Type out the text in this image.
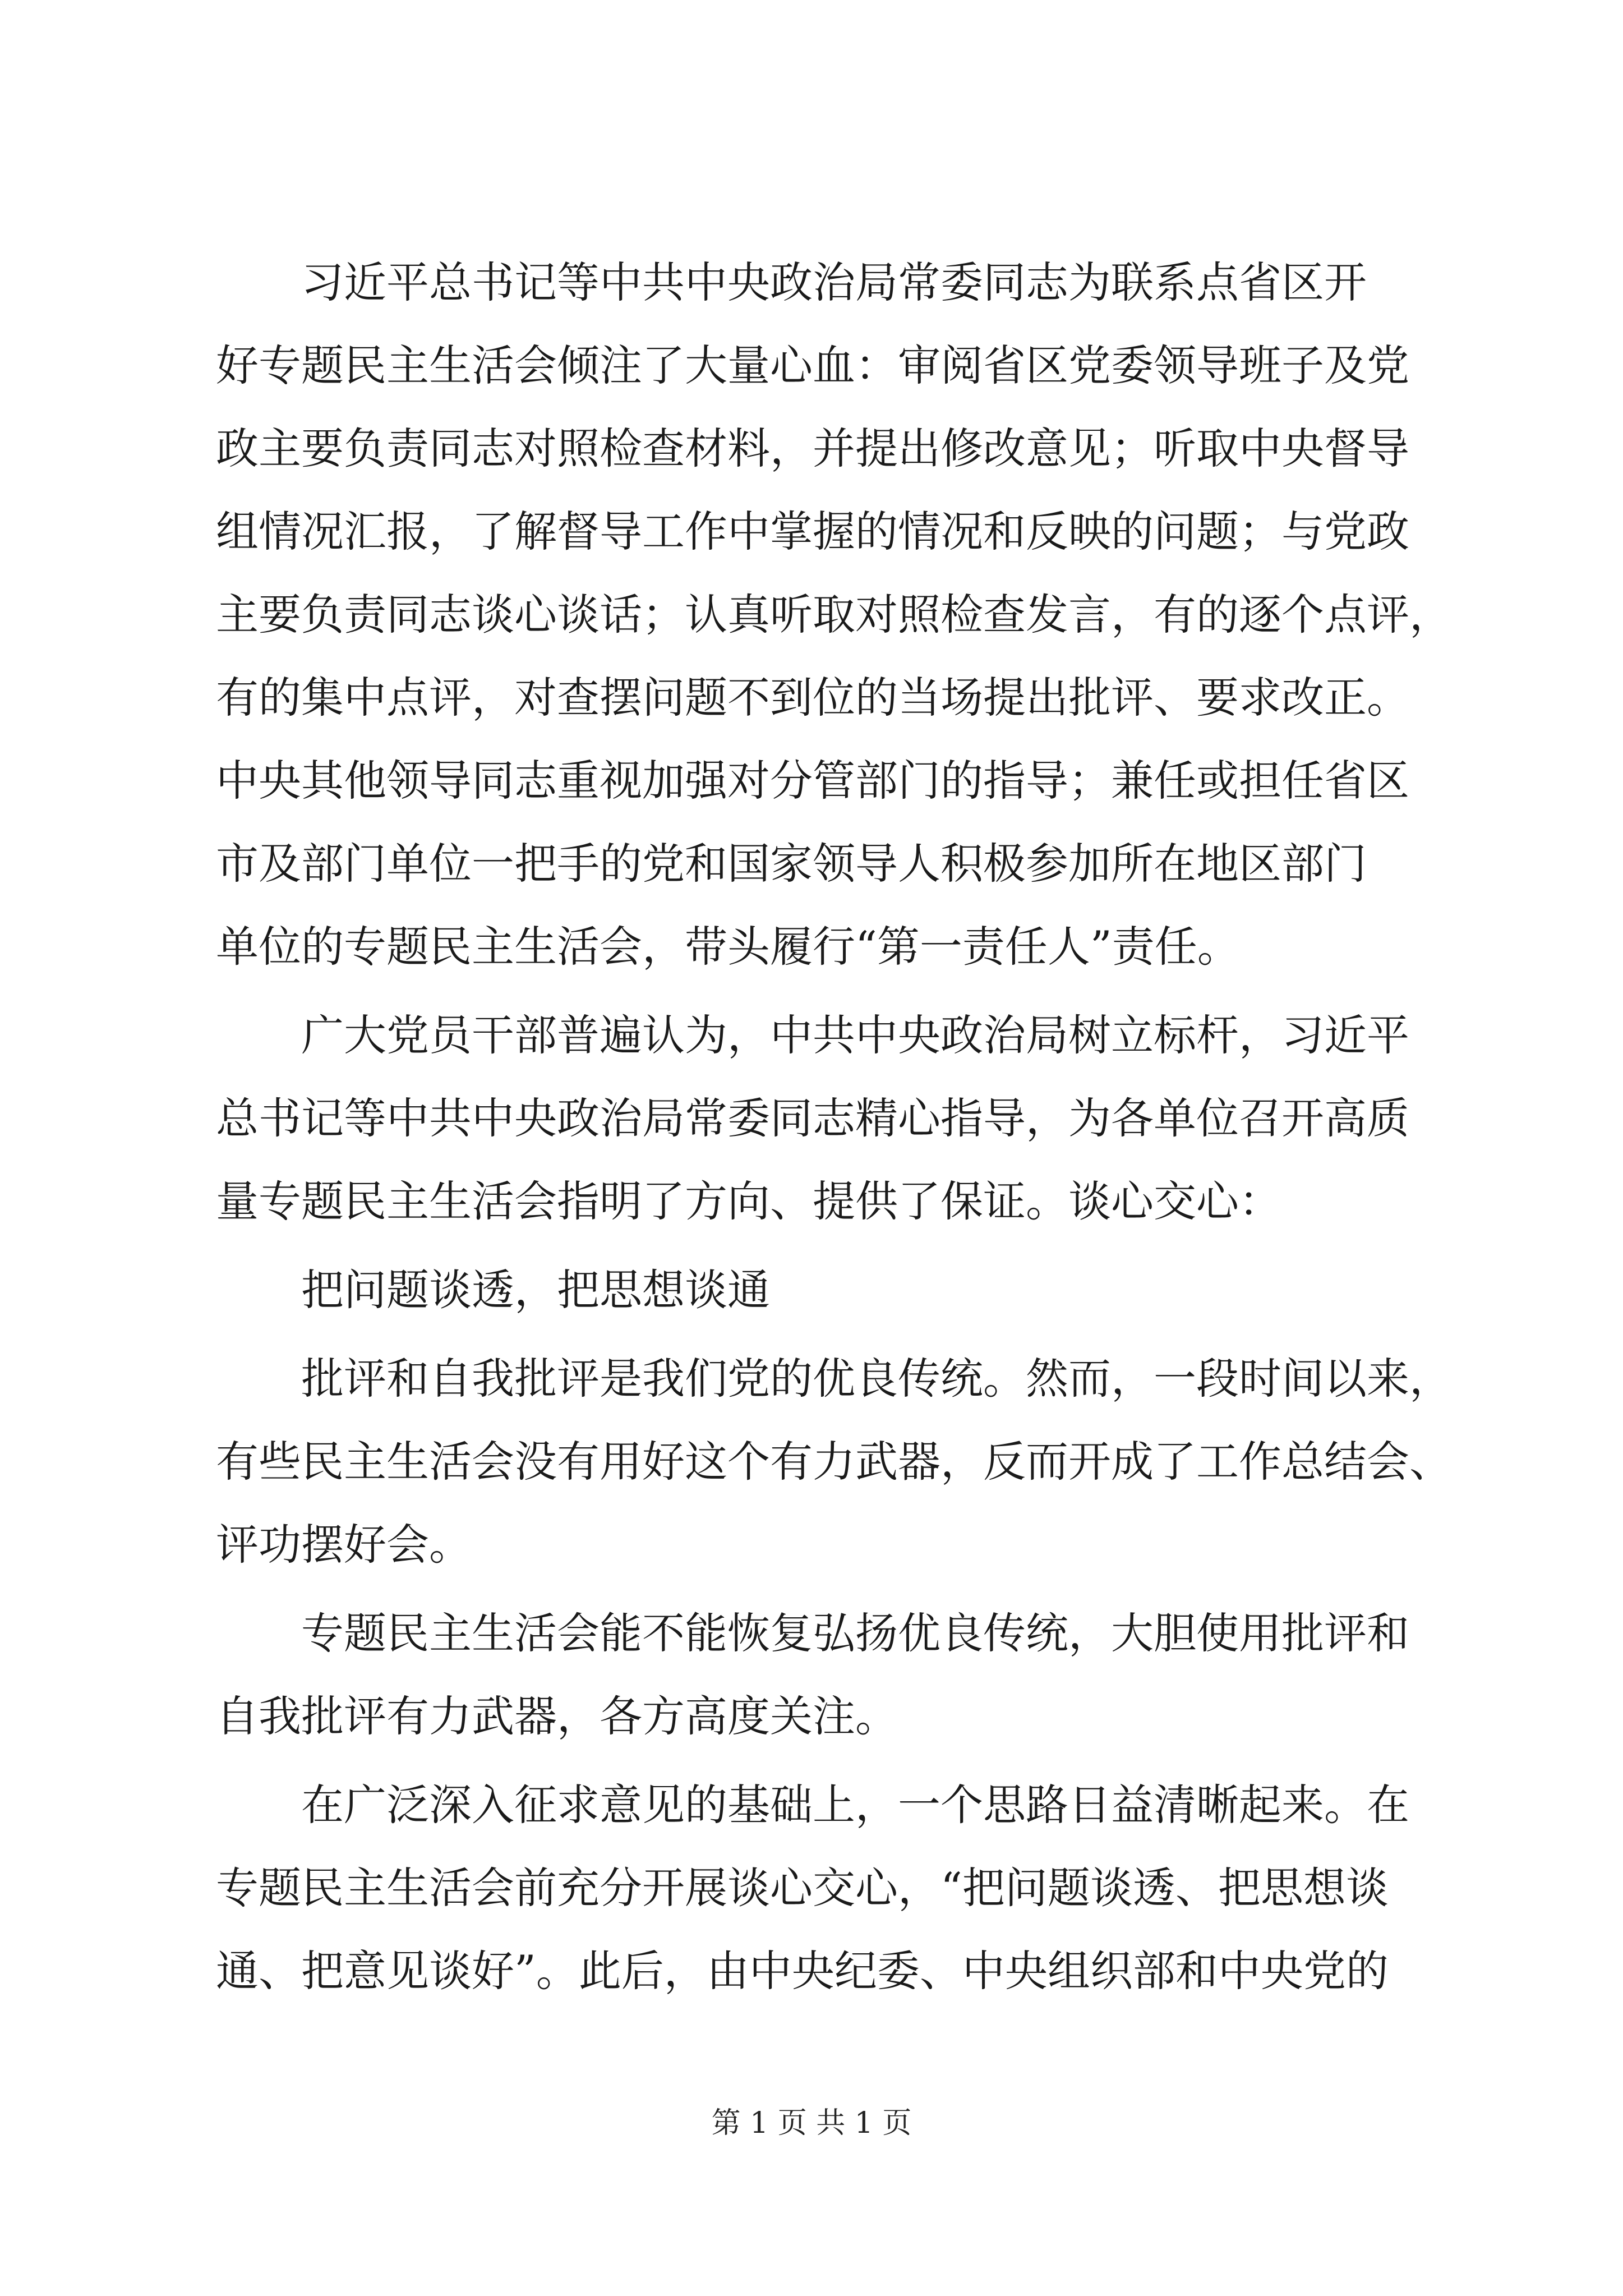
　　习近平总书记等中共中央政治局常委同志为联系点省区开
好专题民主生活会倾注了大量心血：审阅省区党委领导班子及党
政主要负责同志对照检查材料，并提出修改意见；听取中央督导
组情况汇报，了解督导工作中掌握的情况和反映的问题；与党政
主要负责同志谈心谈话；认真听取对照检查发言，有的逐个点评，
有的集中点评，对查摆问题不到位的当场提出批评、要求改正。
中央其他领导同志重视加强对分管部门的指导；兼任或担任省区
市及部门单位一把手的党和国家领导人积极参加所在地区部门
单位的专题民主生活会，带头履行“第一责任人”责任。
　　广大党员干部普遍认为，中共中央政治局树立标杆，习近平
总书记等中共中央政治局常委同志精心指导，为各单位召开高质
量专题民主生活会指明了方向、提供了保证。谈心交心：
　　把问题谈透，把思想谈通
　　批评和自我批评是我们党的优良传统。然而，一段时间以来，
有些民主生活会没有用好这个有力武器，反而开成了工作总结会、
评功摆好会。
　　专题民主生活会能不能恢复弘扬优良传统，大胆使用批评和
自我批评有力武器，各方高度关注。
　　在广泛深入征求意见的基础上，一个思路日益清晰起来。在
专题民主生活会前充分开展谈心交心，“把问题谈透、把思想谈
通、把意见谈好”。此后，由中央纪委、中央组织部和中央党的
第 1 页 共 1 页
